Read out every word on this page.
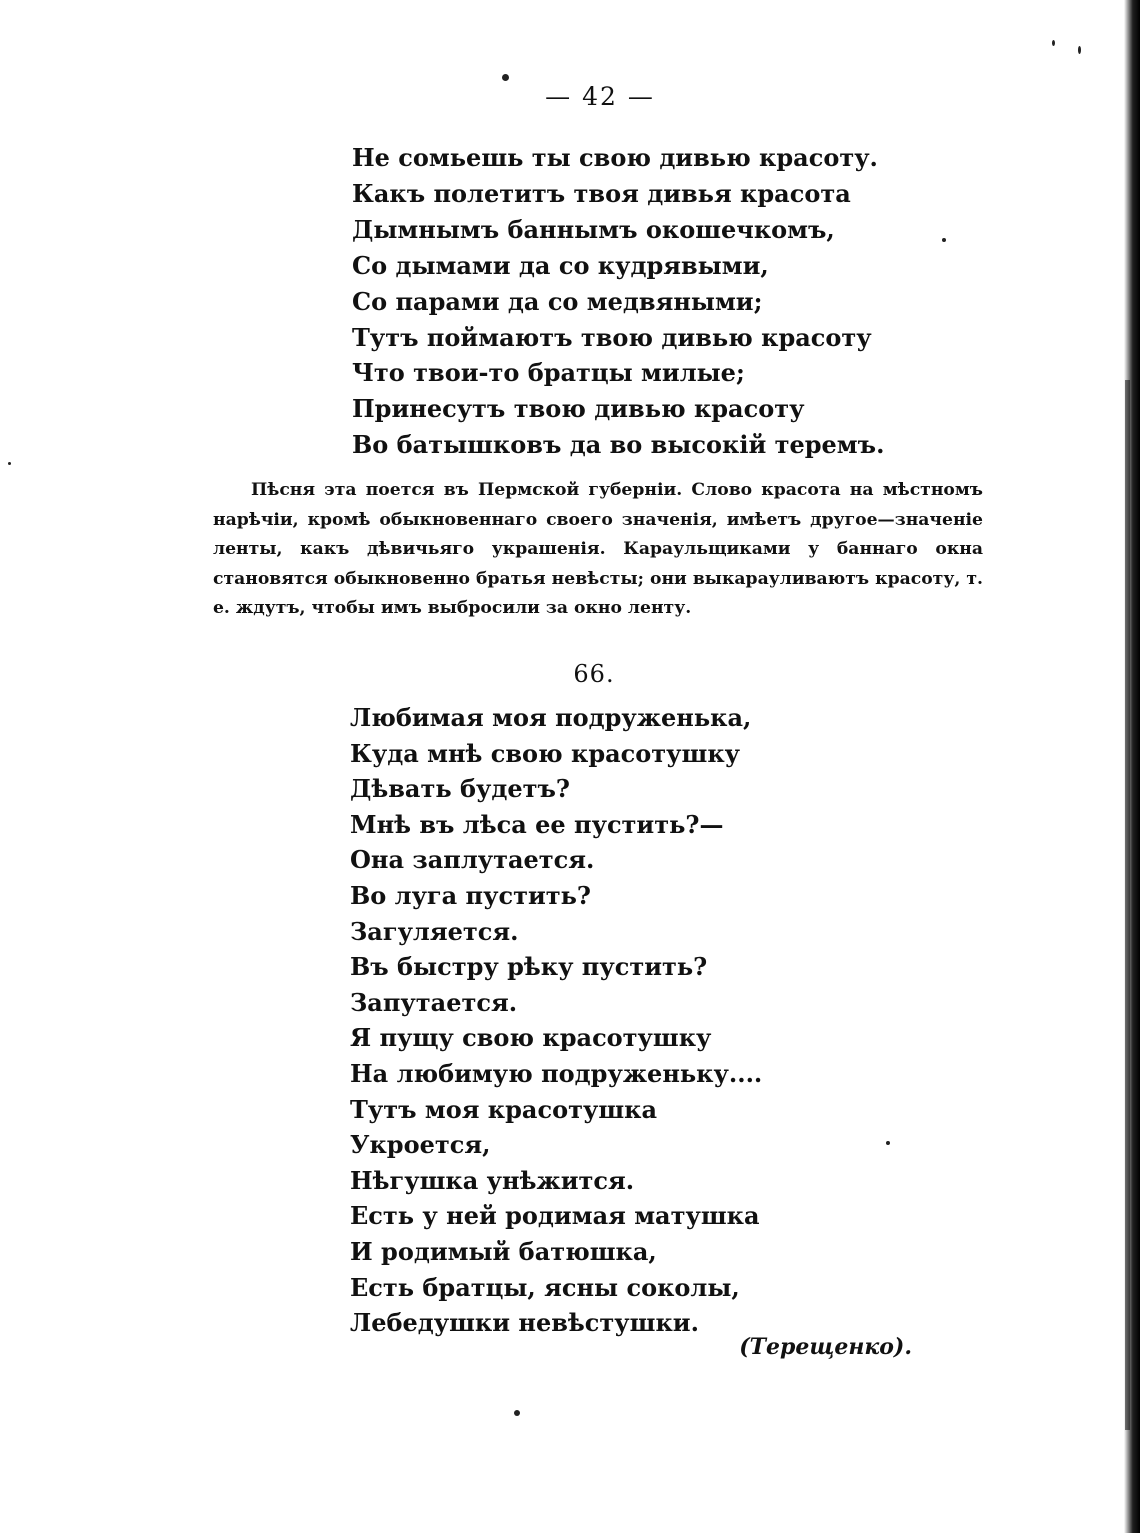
— 42 —
Не сомьешь ты свою дивью красоту.
Какъ полетитъ твоя дивья красота
Дымнымъ баннымъ окошечкомъ,
Со дымами да со кудрявыми,
Со парами да со медвяными;
Тутъ поймаютъ твою дивью красоту
Что твои-то братцы милые;
Принесутъ твою дивью красоту
Во батышковъ да во высокій теремъ.

Пѣсня эта поется въ Пермской губерніи. Слово красота на мѣстномъ нарѣчіи, кромѣ обыкновеннаго своего значенія, имѣетъ другое—значеніе ленты, какъ дѣвичьяго украшенія. Караульщиками у баннаго окна становятся обыкновенно братья невѣсты; они выкарауливаютъ красоту, т. е. ждутъ, чтобы имъ выбросили за окно ленту.

66.
Любимая моя подруженька,
Куда мнѣ свою красотушку
Дѣвать будетъ?
Мнѣ въ лѣса ее пустить?—
Она заплутается.
Во луга пустить?
Загуляется.
Въ быстру рѣку пустить?
Запутается.
Я пущу свою красотушку
На любимую подруженьку....
Тутъ моя красотушка
Укроется,
Нѣгушка унѣжится.
Есть у ней родимая матушка
И родимый батюшка,
Есть братцы, ясны соколы,
Лебедушки невѣстушки.
(Терещенко).
